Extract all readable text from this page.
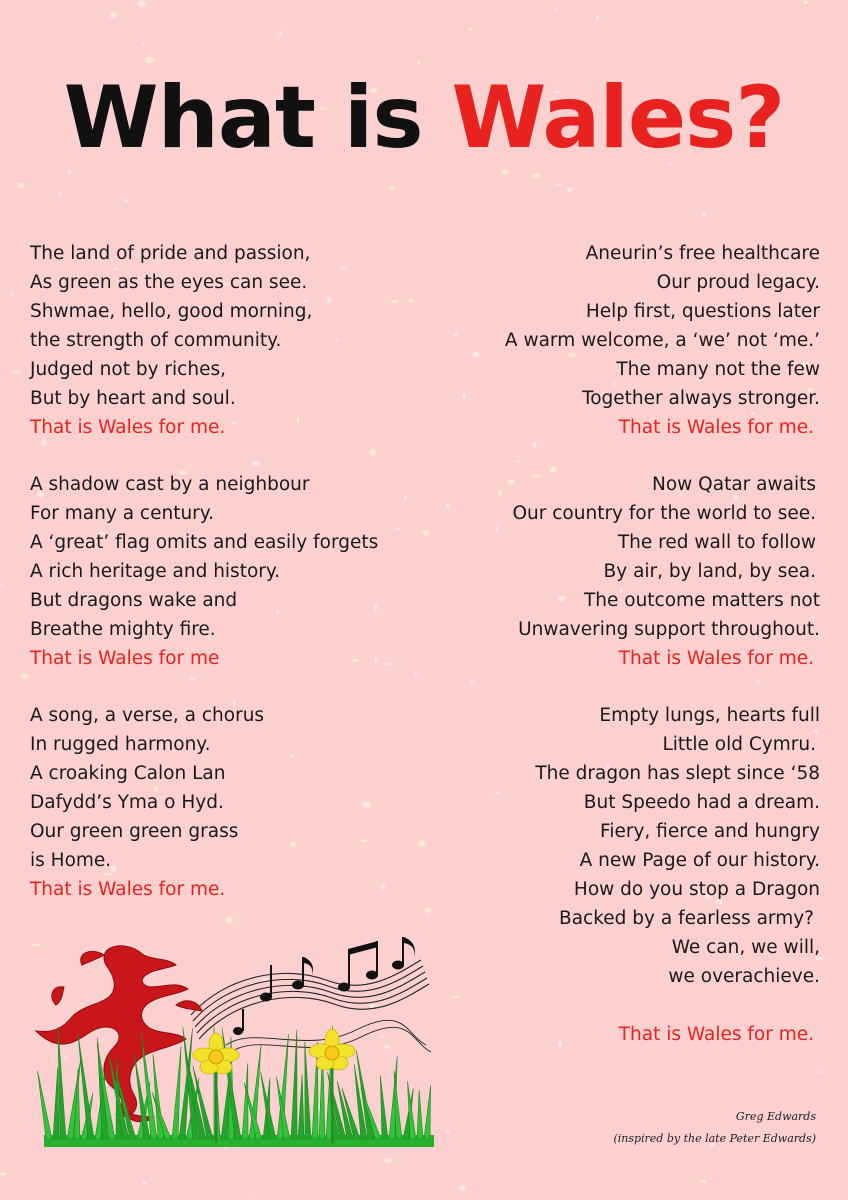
What is Wales?
The land of pride and passion,
As green as the eyes can see.
Shwmae, hello, good morning,
the strength of community.
Judged not by riches,
But by heart and soul.
That is Wales for me.
A shadow cast by a neighbour
For many a century.
A ‘great’ flag omits and easily forgets
A rich heritage and history.
But dragons wake and
Breathe mighty fire.
That is Wales for me
A song, a verse, a chorus
In rugged harmony.
A croaking Calon Lan
Dafydd’s Yma o Hyd.
Our green green grass
is Home.
That is Wales for me.
Aneurin’s free healthcare
Our proud legacy.
Help first, questions later
A warm welcome, a ‘we’ not ‘me.’
The many not the few
Together always stronger.
That is Wales for me.
Now Qatar awaits
Our country for the world to see.
The red wall to follow
By air, by land, by sea.
The outcome matters not
Unwavering support throughout.
That is Wales for me.
Empty lungs, hearts full
Little old Cymru.
The dragon has slept since ‘58
But Speedo had a dream.
Fiery, fierce and hungry
A new Page of our history.
How do you stop a Dragon
Backed by a fearless army?
We can, we will,
we overachieve.

That is Wales for me.
Greg Edwards
(inspired by the late Peter Edwards)
